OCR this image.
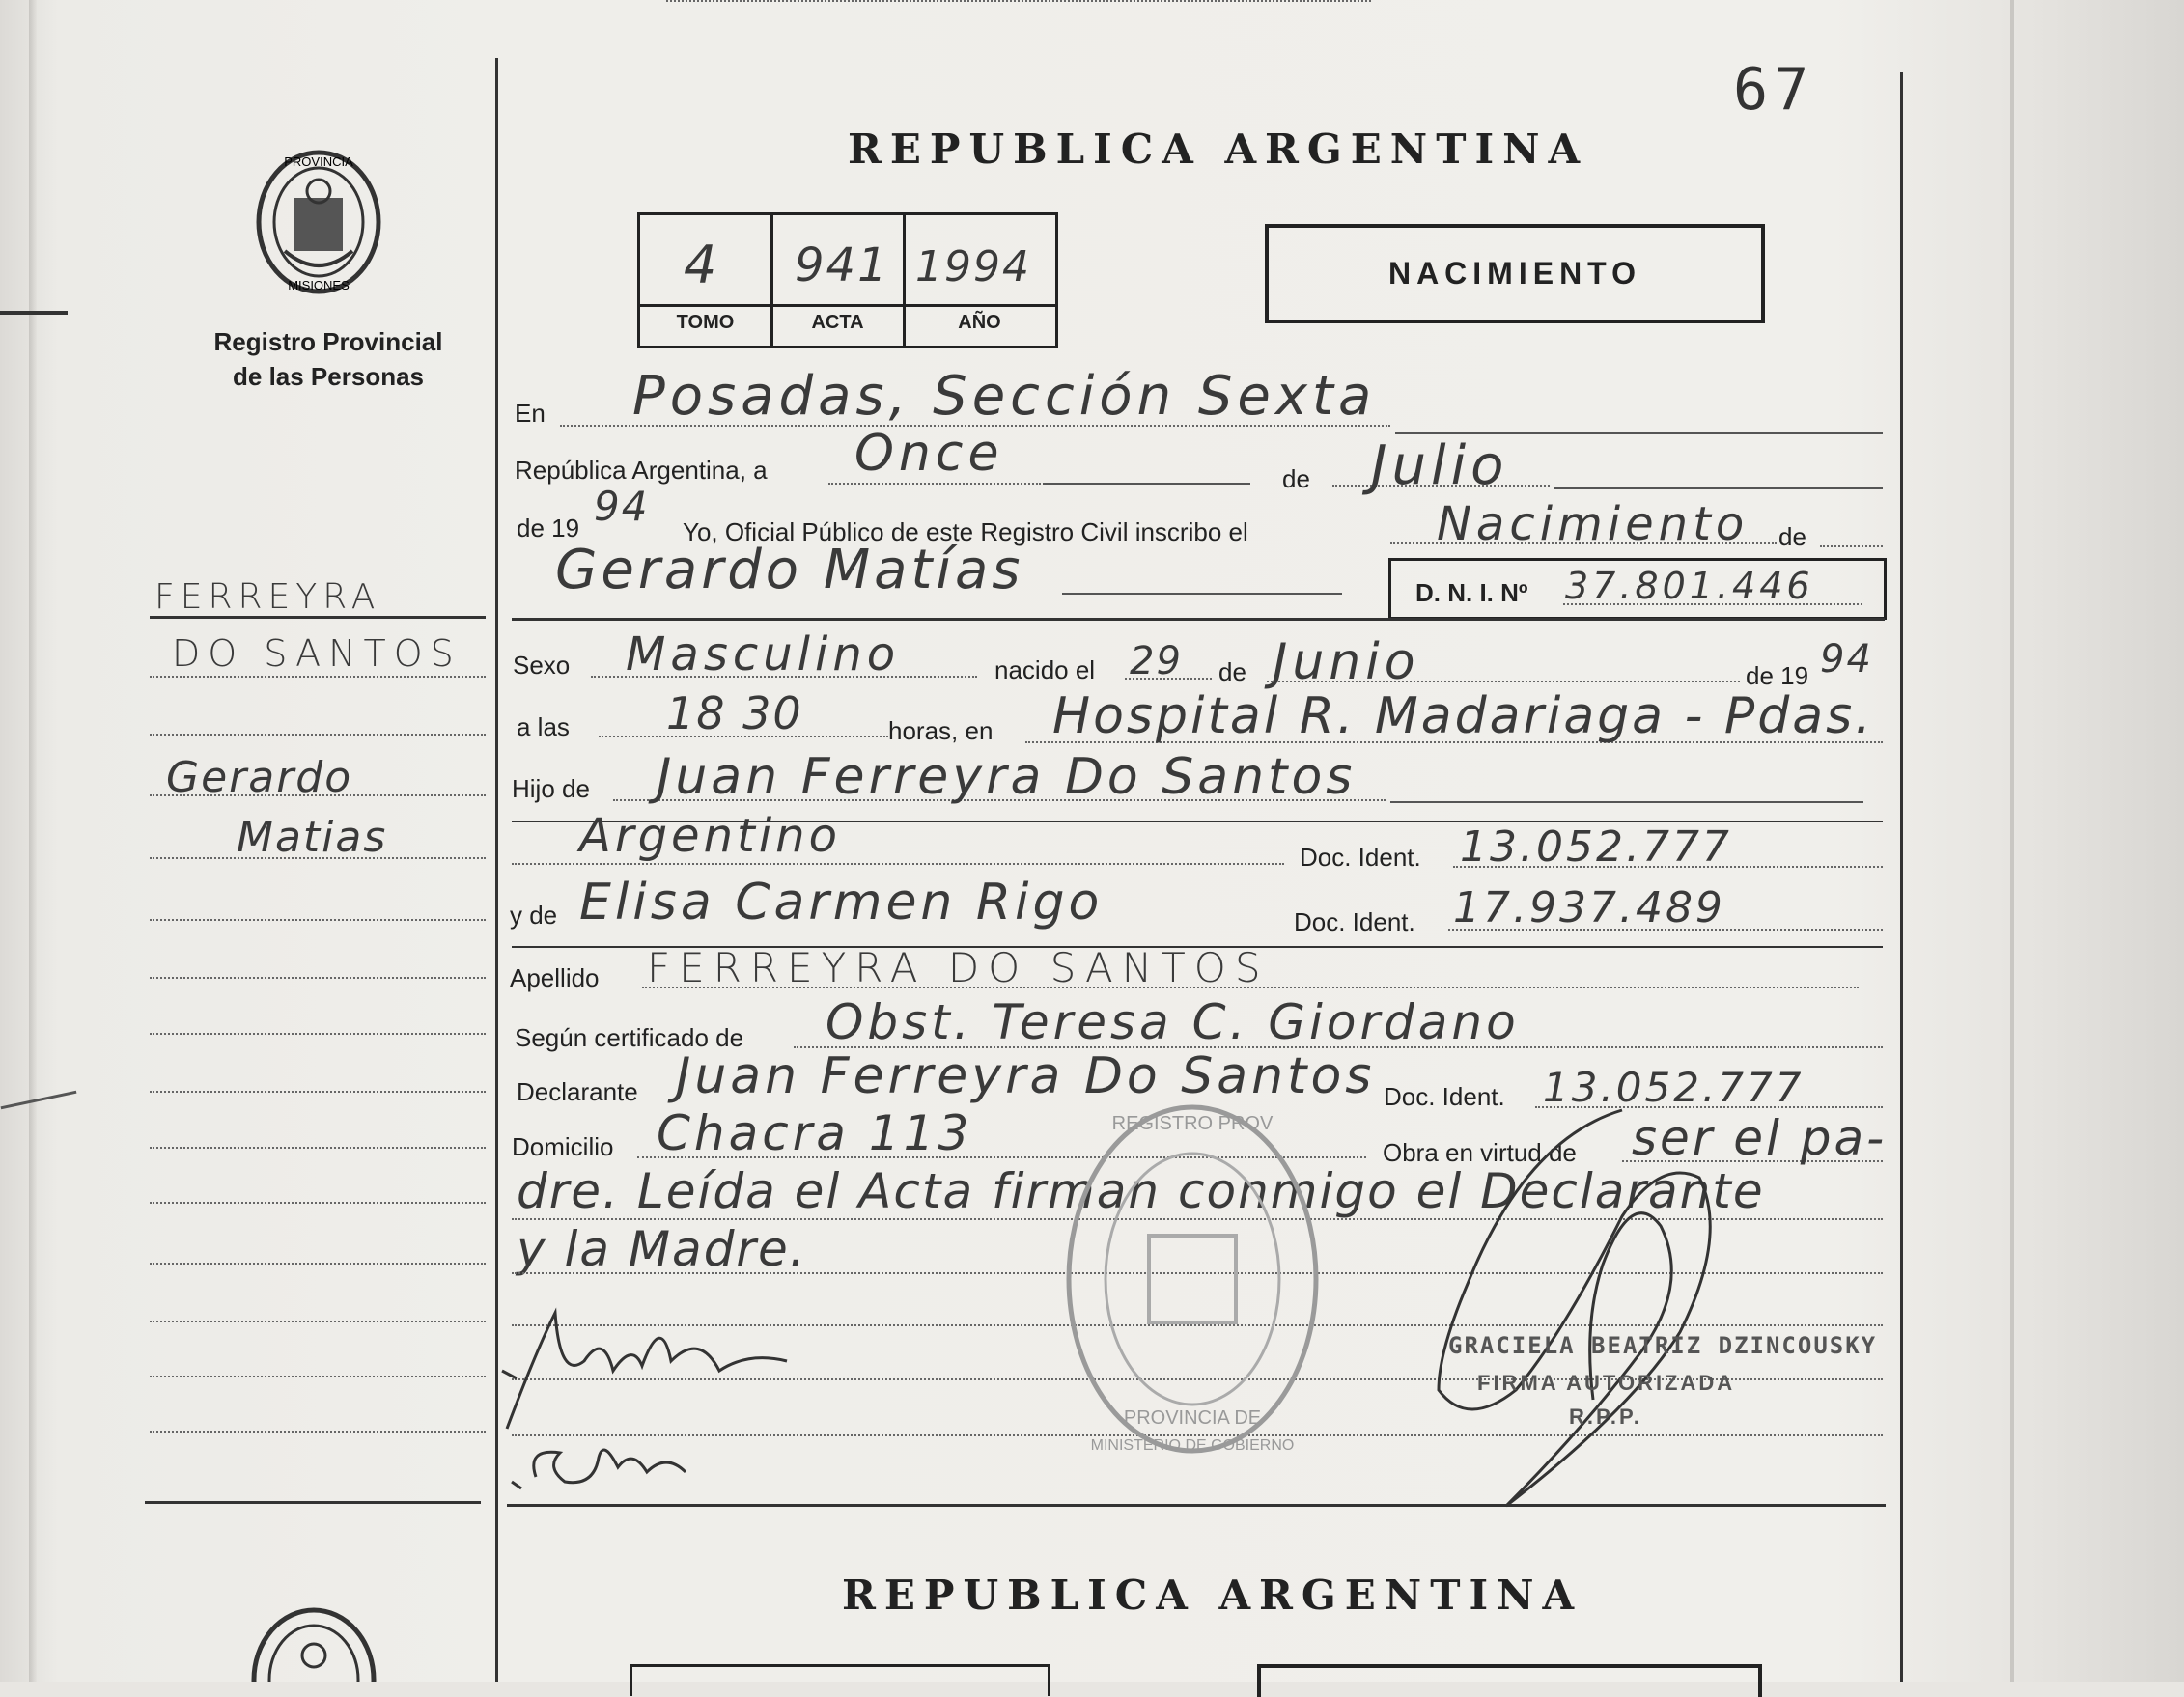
67
PROVINCIA
MISIONES
Registro Provincial
de las Personas
REPUBLICA ARGENTINA
4 941 1994
TOMO	ACTA	AÑO
NACIMIENTO
FERREYRA
DO SANTOS
Gerardo
Matias
En Posadas, Sección Sexta
República Argentina, a Once	de Julio
de 19 94
Yo, Oficial Público de este Registro Civil inscribo el	Nacimiento de
Gerardo Matías	D. N. I. Nº 37.801.446
Sexo Masculino	nacido el 29 de Junio	de 19 94
a las 18 30	horas, en Hospital R. Madariaga - Pdas.
Hijo de Juan Ferreyra Do Santos
Argentino	Doc. Ident. 13.052.777
y de Elisa Carmen Rigo	Doc. Ident. 17.937.489
Apellido FERREYRA DO SANTOS
Según certificado de Obst. Teresa C. Giordano
Declarante Juan Ferreyra Do Santos Doc. Ident. 13.052.777
Domicilio Chacra 113	Obra en virtud de ser el pa-
dre. Leída el Acta firman conmigo el Declarante
y la Madre.
REGISTRO PROV
PROVINCIA DE
MINISTERIO DE GOBIERNO
GRACIELA BEATRIZ DZINCOUSKY
FIRMA AUTORIZADA
R.P.P.
REPUBLICA ARGENTINA
